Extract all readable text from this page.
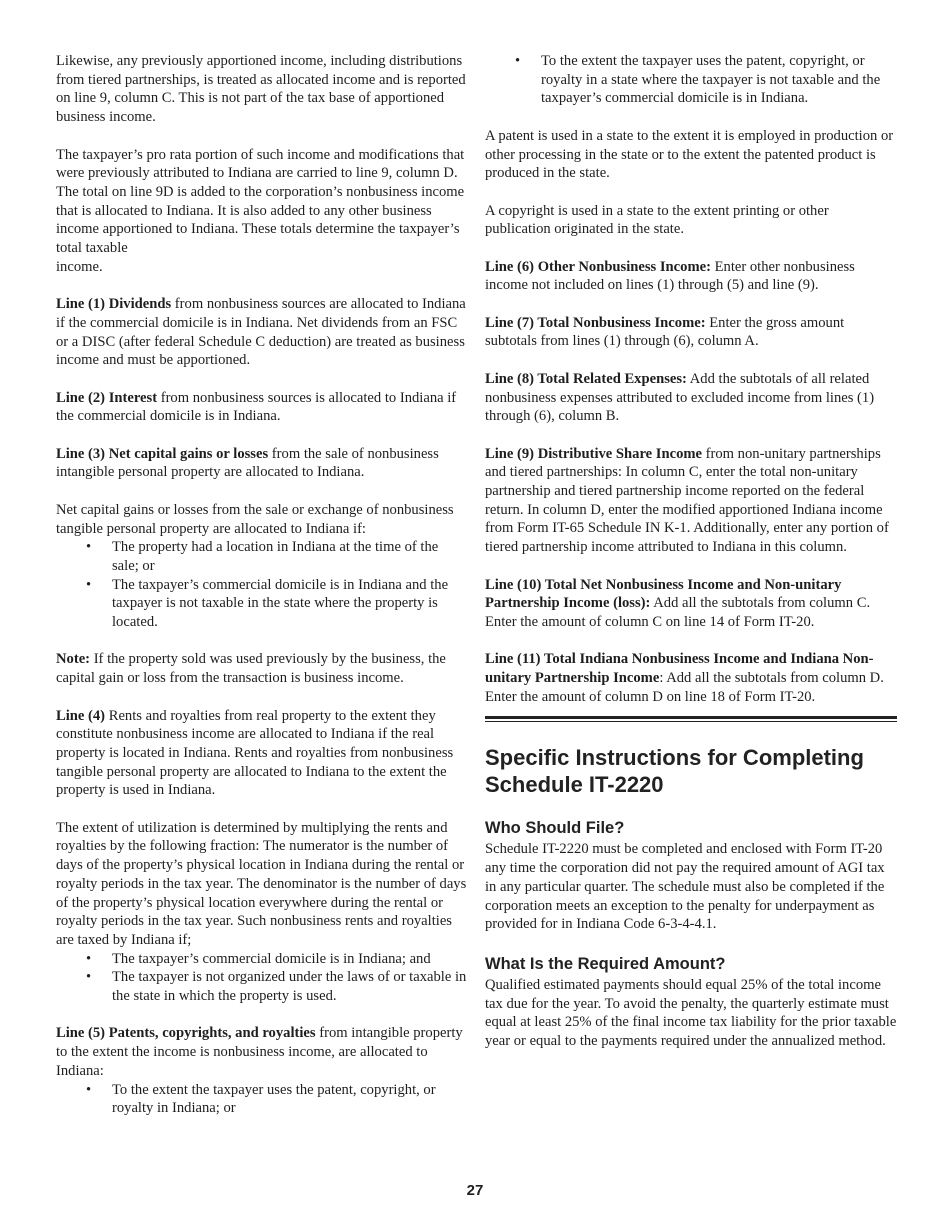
Likewise, any previously apportioned income, including distributions from tiered partnerships, is treated as allocated income and is reported on line 9, column C. This is not part of the tax base of apportioned business income.

The taxpayer’s pro rata portion of such income and modifications that were previously attributed to Indiana are carried to line 9, column D. The total on line 9D is added to the corporation’s nonbusiness income that is allocated to Indiana. It is also added to any other business income apportioned to Indiana. These totals determine the taxpayer’s total taxable
income.

Line (1) Dividends from nonbusiness sources are allocated to Indiana if the commercial domicile is in Indiana. Net dividends from an FSC or a DISC (after federal Schedule C deduction) are treated as business income and must be apportioned.

Line (2) Interest from nonbusiness sources is allocated to Indiana if the commercial domicile is in Indiana.

Line (3) Net capital gains or losses from the sale of nonbusiness intangible personal property are allocated to Indiana.

Net capital gains or losses from the sale or exchange of nonbusiness tangible personal property are allocated to Indiana if:

• The property had a location in Indiana at the time of the sale; or
• The taxpayer’s commercial domicile is in Indiana and the taxpayer is not taxable in the state where the property is located.

Note: If the property sold was used previously by the business, the capital gain or loss from the transaction is business income.

Line (4) Rents and royalties from real property to the extent they constitute nonbusiness income are allocated to Indiana if the real property is located in Indiana. Rents and royalties from nonbusiness tangible personal property are allocated to Indiana to the extent the property is used in Indiana.

The extent of utilization is determined by multiplying the rents and royalties by the following fraction: The numerator is the number of days of the property’s physical location in Indiana during the rental or royalty periods in the tax year. The denominator is the number of days of the property’s physical location everywhere during the rental or royalty periods in the tax year. Such nonbusiness rents and royalties are taxed by Indiana if;

• The taxpayer’s commercial domicile is in Indiana; and
• The taxpayer is not organized under the laws of or taxable in the state in which the property is used.

Line (5) Patents, copyrights, and royalties from intangible property to the extent the income is nonbusiness income, are allocated to Indiana:

• To the extent the taxpayer uses the patent, copyright, or royalty in Indiana; or
• To the extent the taxpayer uses the patent, copyright, or royalty in a state where the taxpayer is not taxable and the taxpayer’s commercial domicile is in Indiana.

A patent is used in a state to the extent it is employed in production or other processing in the state or to the extent the patented product is produced in the state.

A copyright is used in a state to the extent printing or other publication originated in the state.

Line (6) Other Nonbusiness Income: Enter other nonbusiness income not included on lines (1) through (5) and line (9).

Line (7) Total Nonbusiness Income: Enter the gross amount subtotals from lines (1) through (6), column A.

Line (8) Total Related Expenses: Add the subtotals of all related nonbusiness expenses attributed to excluded income from lines (1) through (6), column B.

Line (9) Distributive Share Income from non-unitary partnerships and tiered partnerships: In column C, enter the total non-unitary partnership and tiered partnership income reported on the federal return. In column D, enter the modified apportioned Indiana income from Form IT-65 Schedule IN K-1. Additionally, enter any portion of tiered partnership income attributed to Indiana in this column.

Line (10) Total Net Nonbusiness Income and Non-unitary Partnership Income (loss): Add all the subtotals from column C. Enter the amount of column C on line 14 of Form IT-20.

Line (11) Total Indiana Nonbusiness Income and Indiana Non-unitary Partnership Income: Add all the subtotals from column D. Enter the amount of column D on line 18 of Form IT-20.

Specific Instructions for Completing Schedule IT-2220
Who Should File?

Schedule IT-2220 must be completed and enclosed with Form IT-20 any time the corporation did not pay the required amount of AGI tax in any particular quarter. The schedule must also be completed if the corporation meets an exception to the penalty for underpayment as provided for in Indiana Code 6-3-4-4.1.

What Is the Required Amount?

Qualified estimated payments should equal 25% of the total income tax due for the year. To avoid the penalty, the quarterly estimate must equal at least 25% of the final income tax liability for the prior taxable year or equal to the payments required under the annualized method.

27
